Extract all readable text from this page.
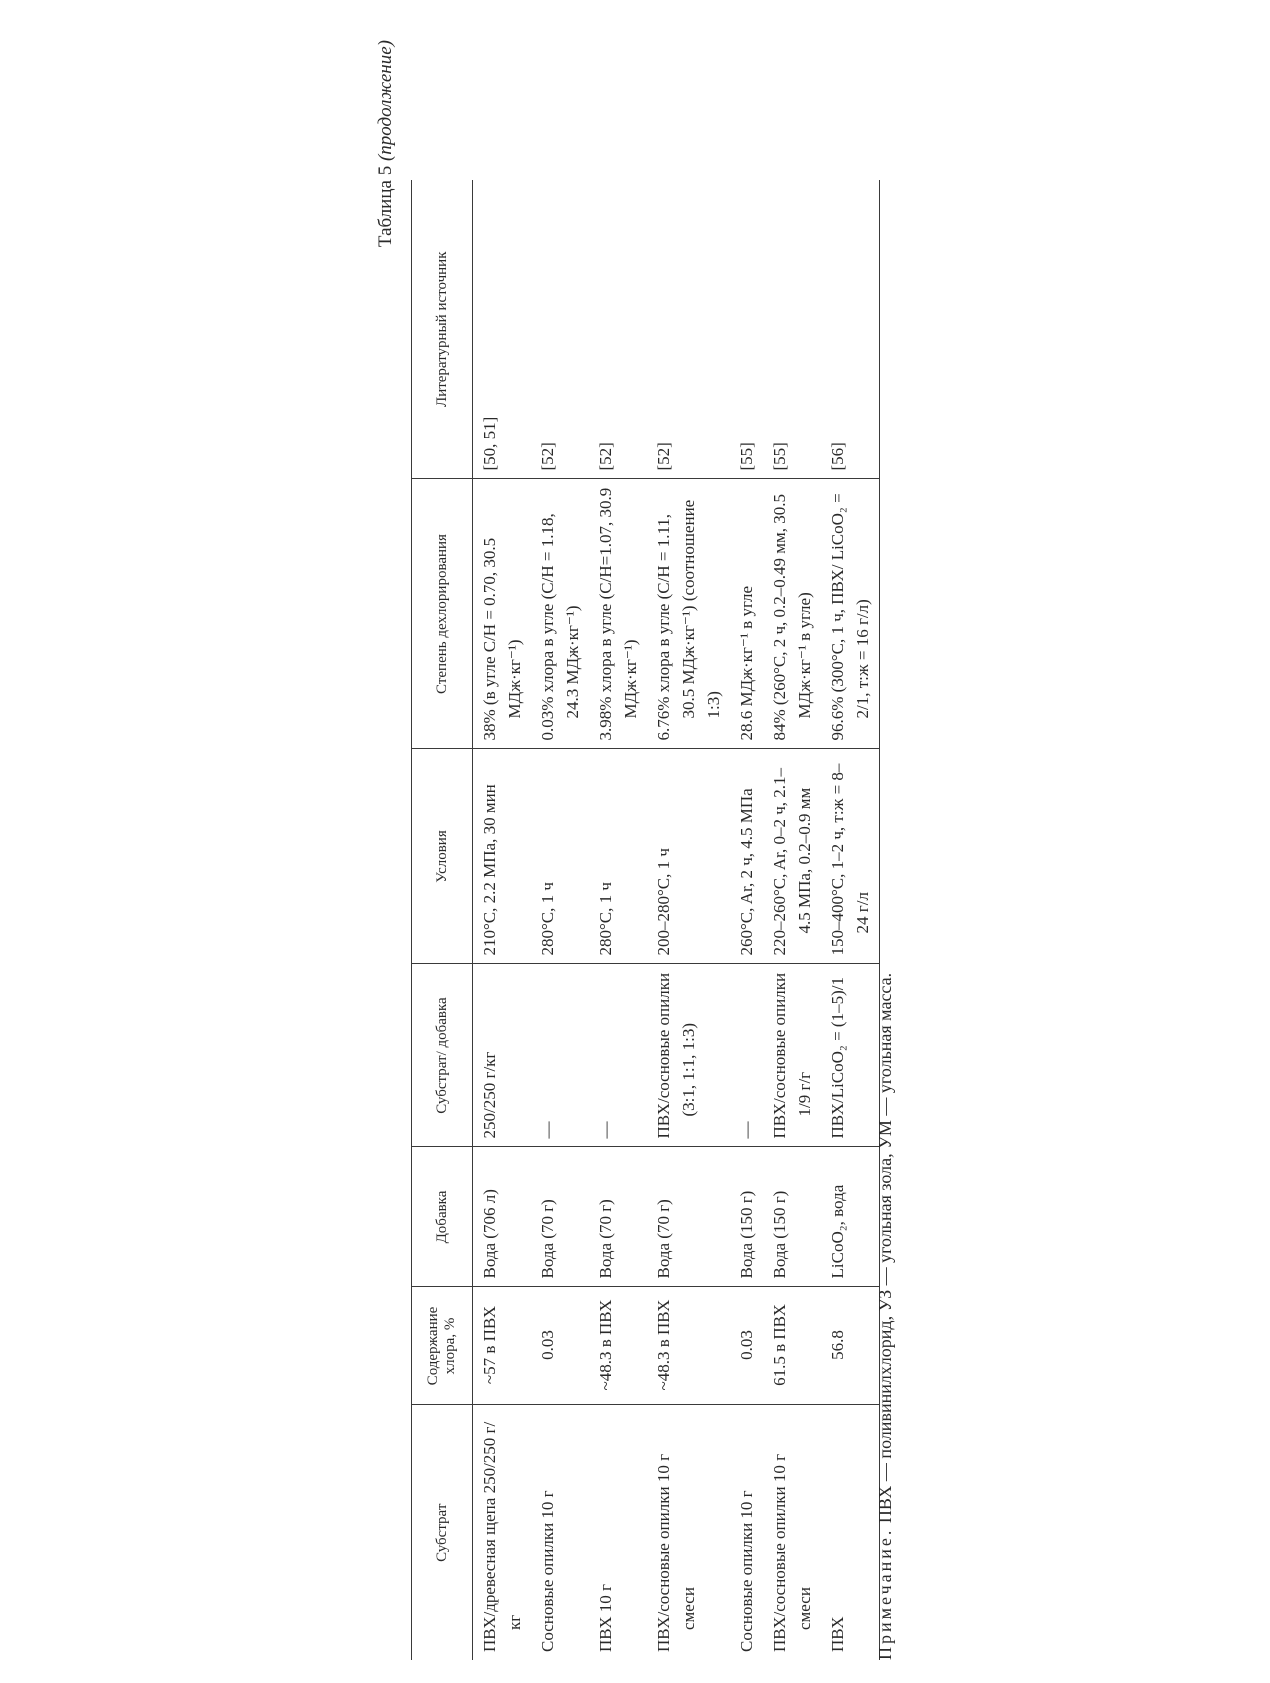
Таблица 5 (продолжение)
Субстрат	Содержание хлора, %	Добавка	Субстрат/ добавка	Условия	Степень дехлорирования	Литературный источник

ПВХ/древесная щепа 250/250 г/кг	~57 в ПВХ	Вода (706 л)	250/250 г/кг	210°C, 2.2 МПа, 30 мин	38% (в угле C/H = 0.70, 30.5 МДж·кг⁻¹)	[50, 51]

Сосновые опилки 10 г	0.03	Вода (70 г)	—	280°C, 1 ч	0.03% хлора в угле (C/H = 1.18, 24.3 МДж·кг⁻¹)	[52]

ПВХ 10 г	~48.3 в ПВХ	Вода (70 г)	—	280°C, 1 ч	3.98% хлора в угле (C/H=1.07, 30.9 МДж·кг⁻¹)	[52]

ПВХ/сосновые опилки 10 г смеси	~48.3 в ПВХ	Вода (70 г)	ПВХ/сосновые опилки (3:1, 1:1, 1:3)	200–280°C, 1 ч	6.76% хлора в угле (C/H = 1.11, 30.5 МДж·кг⁻¹) (соотношение 1:3)	[52]

Сосновые опилки 10 г	0.03	Вода (150 г)	—	260°C, Ar, 2 ч, 4.5 МПа	28.6 МДж·кг⁻¹ в угле	[55]

ПВХ/сосновые опилки 10 г смеси	61.5 в ПВХ	Вода (150 г)	ПВХ/сосновые опилки 1/9 г/г	220–260°C, Ar, 0–2 ч, 2.1–4.5 МПа, 0.2–0.9 мм	84% (260°C, 2 ч, 0.2–0.49 мм, 30.5 МДж·кг⁻¹ в угле)	[55]

ПВХ	56.8	LiCoO₂, вода	ПВХ/LiCoO₂ = (1–5)/1	150–400°C, 1–2 ч, т:ж = 8–24 г/л	96.6% (300°C, 1 ч, ПВХ/ LiCoO₂ = 2/1, т:ж = 16 г/л)	[56]
Примечание. ПВХ — поливинилхлорид, УЗ — угольная зола, УМ — угольная масса.
